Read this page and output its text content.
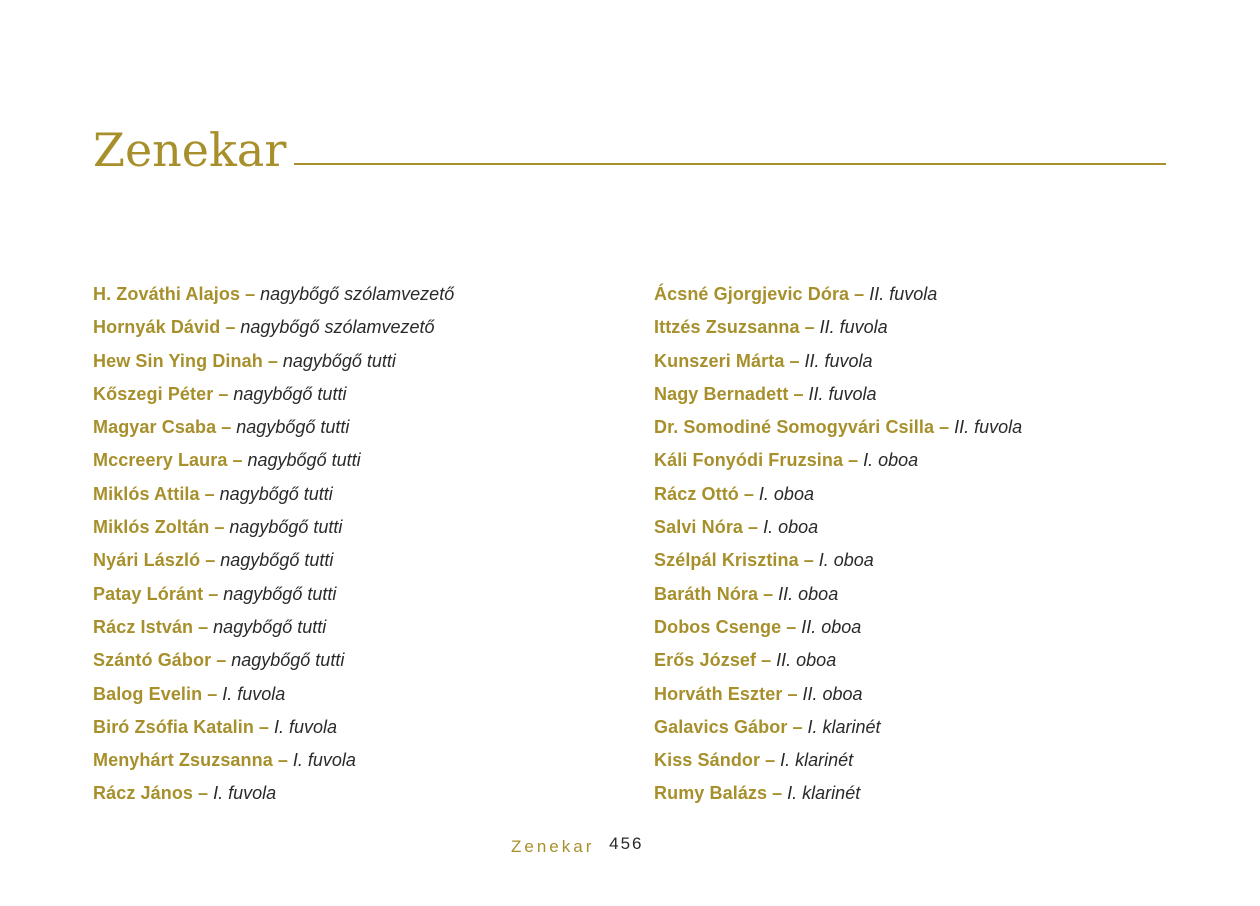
Zenekar
H. Zováthi Alajos – nagybőgő szólamvezető
Hornyák Dávid – nagybőgő szólamvezető
Hew Sin Ying Dinah – nagybőgő tutti
Kőszegi Péter – nagybőgő tutti
Magyar Csaba – nagybőgő tutti
Mccreery Laura – nagybőgő tutti
Miklós Attila – nagybőgő tutti
Miklós Zoltán – nagybőgő tutti
Nyári László – nagybőgő tutti
Patay Lóránt – nagybőgő tutti
Rácz István – nagybőgő tutti
Szántó Gábor – nagybőgő tutti
Balog Evelin – I. fuvola
Biró Zsófia Katalin – I. fuvola
Menyhárt Zsuzsanna – I. fuvola
Rácz János – I. fuvola
Ácsné Gjorgjevic Dóra – II. fuvola
Ittzés Zsuzsanna – II. fuvola
Kunszeri Márta – II. fuvola
Nagy Bernadett – II. fuvola
Dr. Somodiné Somogyvári Csilla – II. fuvola
Káli Fonyódi Fruzsina – I. oboa
Rácz Ottó – I. oboa
Salvi Nóra – I. oboa
Szélpál Krisztina – I. oboa
Baráth Nóra – II. oboa
Dobos Csenge – II. oboa
Erős József – II. oboa
Horváth Eszter – II. oboa
Galavics Gábor – I. klarinét
Kiss Sándor – I. klarinét
Rumy Balázs – I. klarinét
Zenekar 456
